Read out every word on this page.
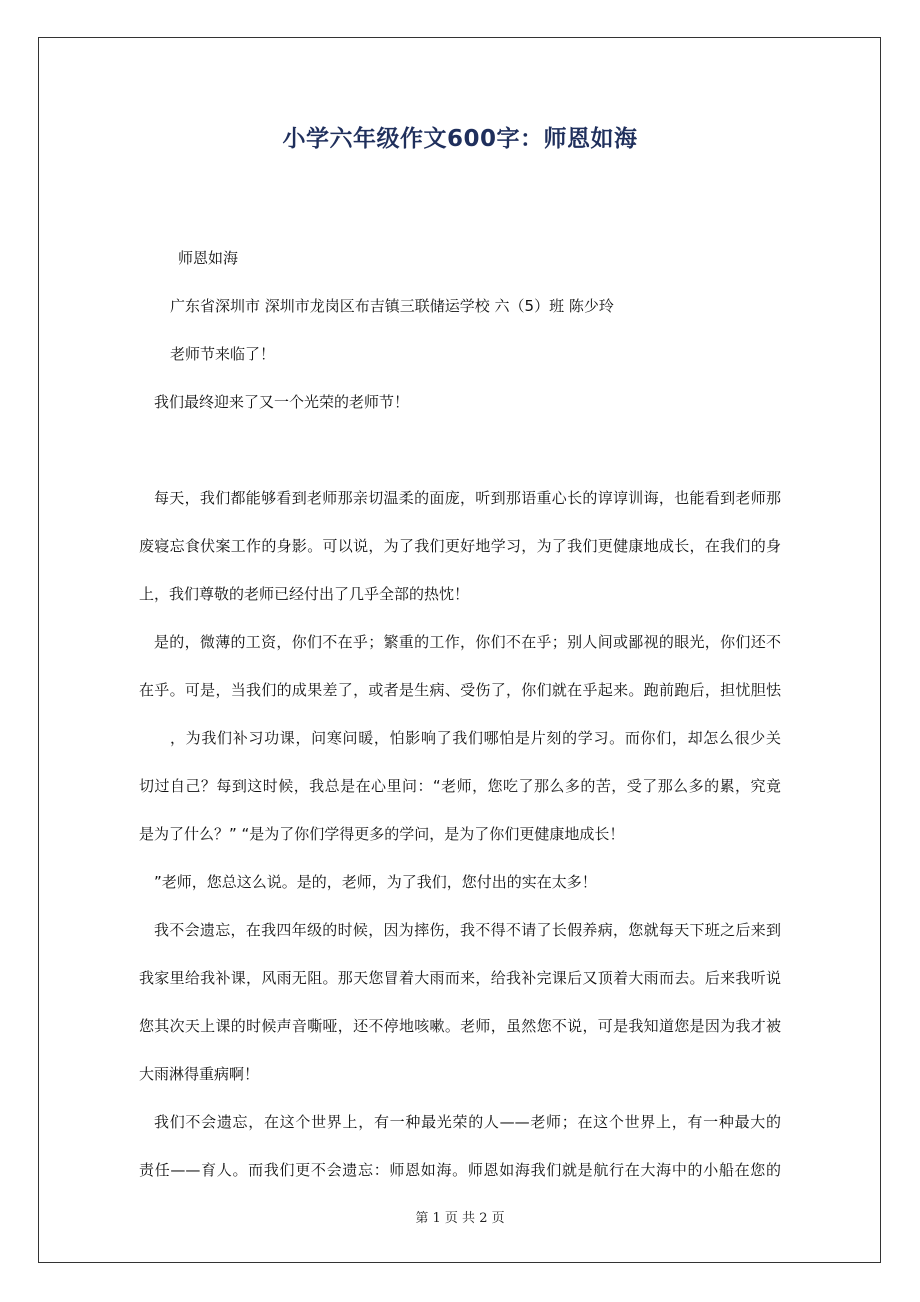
小学六年级作文600字：师恩如海

师恩如海

广东省深圳市 深圳市龙岗区布吉镇三联储运学校 六（5）班 陈少玲

老师节来临了！

我们最终迎来了又一个光荣的老师节！

每天，我们都能够看到老师那亲切温柔的面庞，听到那语重心长的谆谆训诲，也能看到老师那

废寝忘食伏案工作的身影。可以说，为了我们更好地学习，为了我们更健康地成长，在我们的身

上，我们尊敬的老师已经付出了几乎全部的热忱！

是的，微薄的工资，你们不在乎；繁重的工作，你们不在乎；别人间或鄙视的眼光，你们还不

在乎。可是，当我们的成果差了，或者是生病、受伤了，你们就在乎起来。跑前跑后，担忧胆怯

，为我们补习功课，问寒问暖，怕影响了我们哪怕是片刻的学习。而你们，却怎么很少关

切过自己？每到这时候，我总是在心里问：“老师，您吃了那么多的苦，受了那么多的累，究竟

是为了什么？” “是为了你们学得更多的学问，是为了你们更健康地成长！

”老师，您总这么说。是的，老师，为了我们，您付出的实在太多！

我不会遗忘，在我四年级的时候，因为摔伤，我不得不请了长假养病，您就每天下班之后来到

我家里给我补课，风雨无阻。那天您冒着大雨而来，给我补完课后又顶着大雨而去。后来我听说

您其次天上课的时候声音嘶哑，还不停地咳嗽。老师，虽然您不说，可是我知道您是因为我才被

大雨淋得重病啊！

我们不会遗忘，在这个世界上，有一种最光荣的人——老师；在这个世界上，有一种最大的

责任——育人。而我们更不会遗忘：师恩如海。师恩如海我们就是航行在大海中的小船在您的

第 1 页 共 2 页
